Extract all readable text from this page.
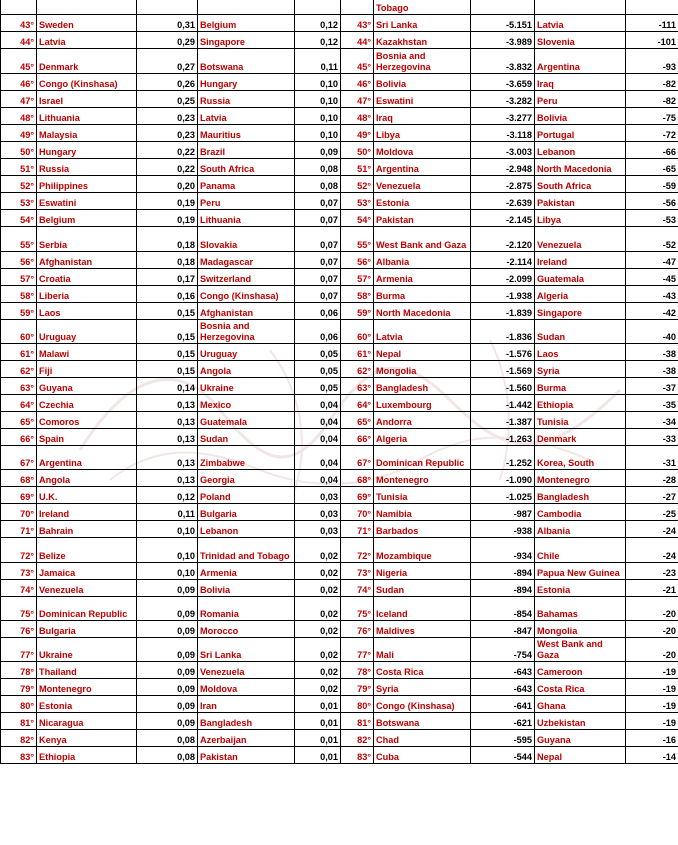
						Tobago			
43°	Sweden	0,31	Belgium	0,12	43°	Sri Lanka	-5.151	Latvia	-111
44°	Latvia	0,29	Singapore	0,12	44°	Kazakhstan	-3.989	Slovenia	-101
45°	Denmark	0,27	Botswana	0,11	45°	Bosnia and Herzegovina	-3.832	Argentina	-93
46°	Congo (Kinshasa)	0,26	Hungary	0,10	46°	Bolivia	-3.659	Iraq	-82
47°	Israel	0,25	Russia	0,10	47°	Eswatini	-3.282	Peru	-82
48°	Lithuania	0,23	Latvia	0,10	48°	Iraq	-3.277	Bolivia	-75
49°	Malaysia	0,23	Mauritius	0,10	49°	Libya	-3.118	Portugal	-72
50°	Hungary	0,22	Brazil	0,09	50°	Moldova	-3.003	Lebanon	-66
51°	Russia	0,22	South Africa	0,08	51°	Argentina	-2.948	North Macedonia	-65
52°	Philippines	0,20	Panama	0,08	52°	Venezuela	-2.875	South Africa	-59
53°	Eswatini	0,19	Peru	0,07	53°	Estonia	-2.639	Pakistan	-56
54°	Belgium	0,19	Lithuania	0,07	54°	Pakistan	-2.145	Libya	-53
55°	Serbia	0,18	Slovakia	0,07	55°	West Bank and Gaza	-2.120	Venezuela	-52
56°	Afghanistan	0,18	Madagascar	0,07	56°	Albania	-2.114	Ireland	-47
57°	Croatia	0,17	Switzerland	0,07	57°	Armenia	-2.099	Guatemala	-45
58°	Liberia	0,16	Congo (Kinshasa)	0,07	58°	Burma	-1.938	Algeria	-43
59°	Laos	0,15	Afghanistan	0,06	59°	North Macedonia	-1.839	Singapore	-42
60°	Uruguay	0,15	Bosnia and Herzegovina	0,06	60°	Latvia	-1.836	Sudan	-40
61°	Malawi	0,15	Uruguay	0,05	61°	Nepal	-1.576	Laos	-38
62°	Fiji	0,15	Angola	0,05	62°	Mongolia	-1.569	Syria	-38
63°	Guyana	0,14	Ukraine	0,05	63°	Bangladesh	-1.560	Burma	-37
64°	Czechia	0,13	Mexico	0,04	64°	Luxembourg	-1.442	Ethiopia	-35
65°	Comoros	0,13	Guatemala	0,04	65°	Andorra	-1.387	Tunisia	-34
66°	Spain	0,13	Sudan	0,04	66°	Algeria	-1.263	Denmark	-33
67°	Argentina	0,13	Zimbabwe	0,04	67°	Dominican Republic	-1.252	Korea, South	-31
68°	Angola	0,13	Georgia	0,04	68°	Montenegro	-1.090	Montenegro	-28
69°	U.K.	0,12	Poland	0,03	69°	Tunisia	-1.025	Bangladesh	-27
70°	Ireland	0,11	Bulgaria	0,03	70°	Namibia	-987	Cambodia	-25
71°	Bahrain	0,10	Lebanon	0,03	71°	Barbados	-938	Albania	-24
72°	Belize	0,10	Trinidad and Tobago	0,02	72°	Mozambique	-934	Chile	-24
73°	Jamaica	0,10	Armenia	0,02	73°	Nigeria	-894	Papua New Guinea	-23
74°	Venezuela	0,09	Bolivia	0,02	74°	Sudan	-894	Estonia	-21
75°	Dominican Republic	0,09	Romania	0,02	75°	Iceland	-854	Bahamas	-20
76°	Bulgaria	0,09	Morocco	0,02	76°	Maldives	-847	Mongolia	-20
77°	Ukraine	0,09	Sri Lanka	0,02	77°	Mali	-754	West Bank and Gaza	-20
78°	Thailand	0,09	Venezuela	0,02	78°	Costa Rica	-643	Cameroon	-19
79°	Montenegro	0,09	Moldova	0,02	79°	Syria	-643	Costa Rica	-19
80°	Estonia	0,09	Iran	0,01	80°	Congo (Kinshasa)	-641	Ghana	-19
81°	Nicaragua	0,09	Bangladesh	0,01	81°	Botswana	-621	Uzbekistan	-19
82°	Kenya	0,08	Azerbaijan	0,01	82°	Chad	-595	Guyana	-16
83°	Ethiopia	0,08	Pakistan	0,01	83°	Cuba	-544	Nepal	-14
